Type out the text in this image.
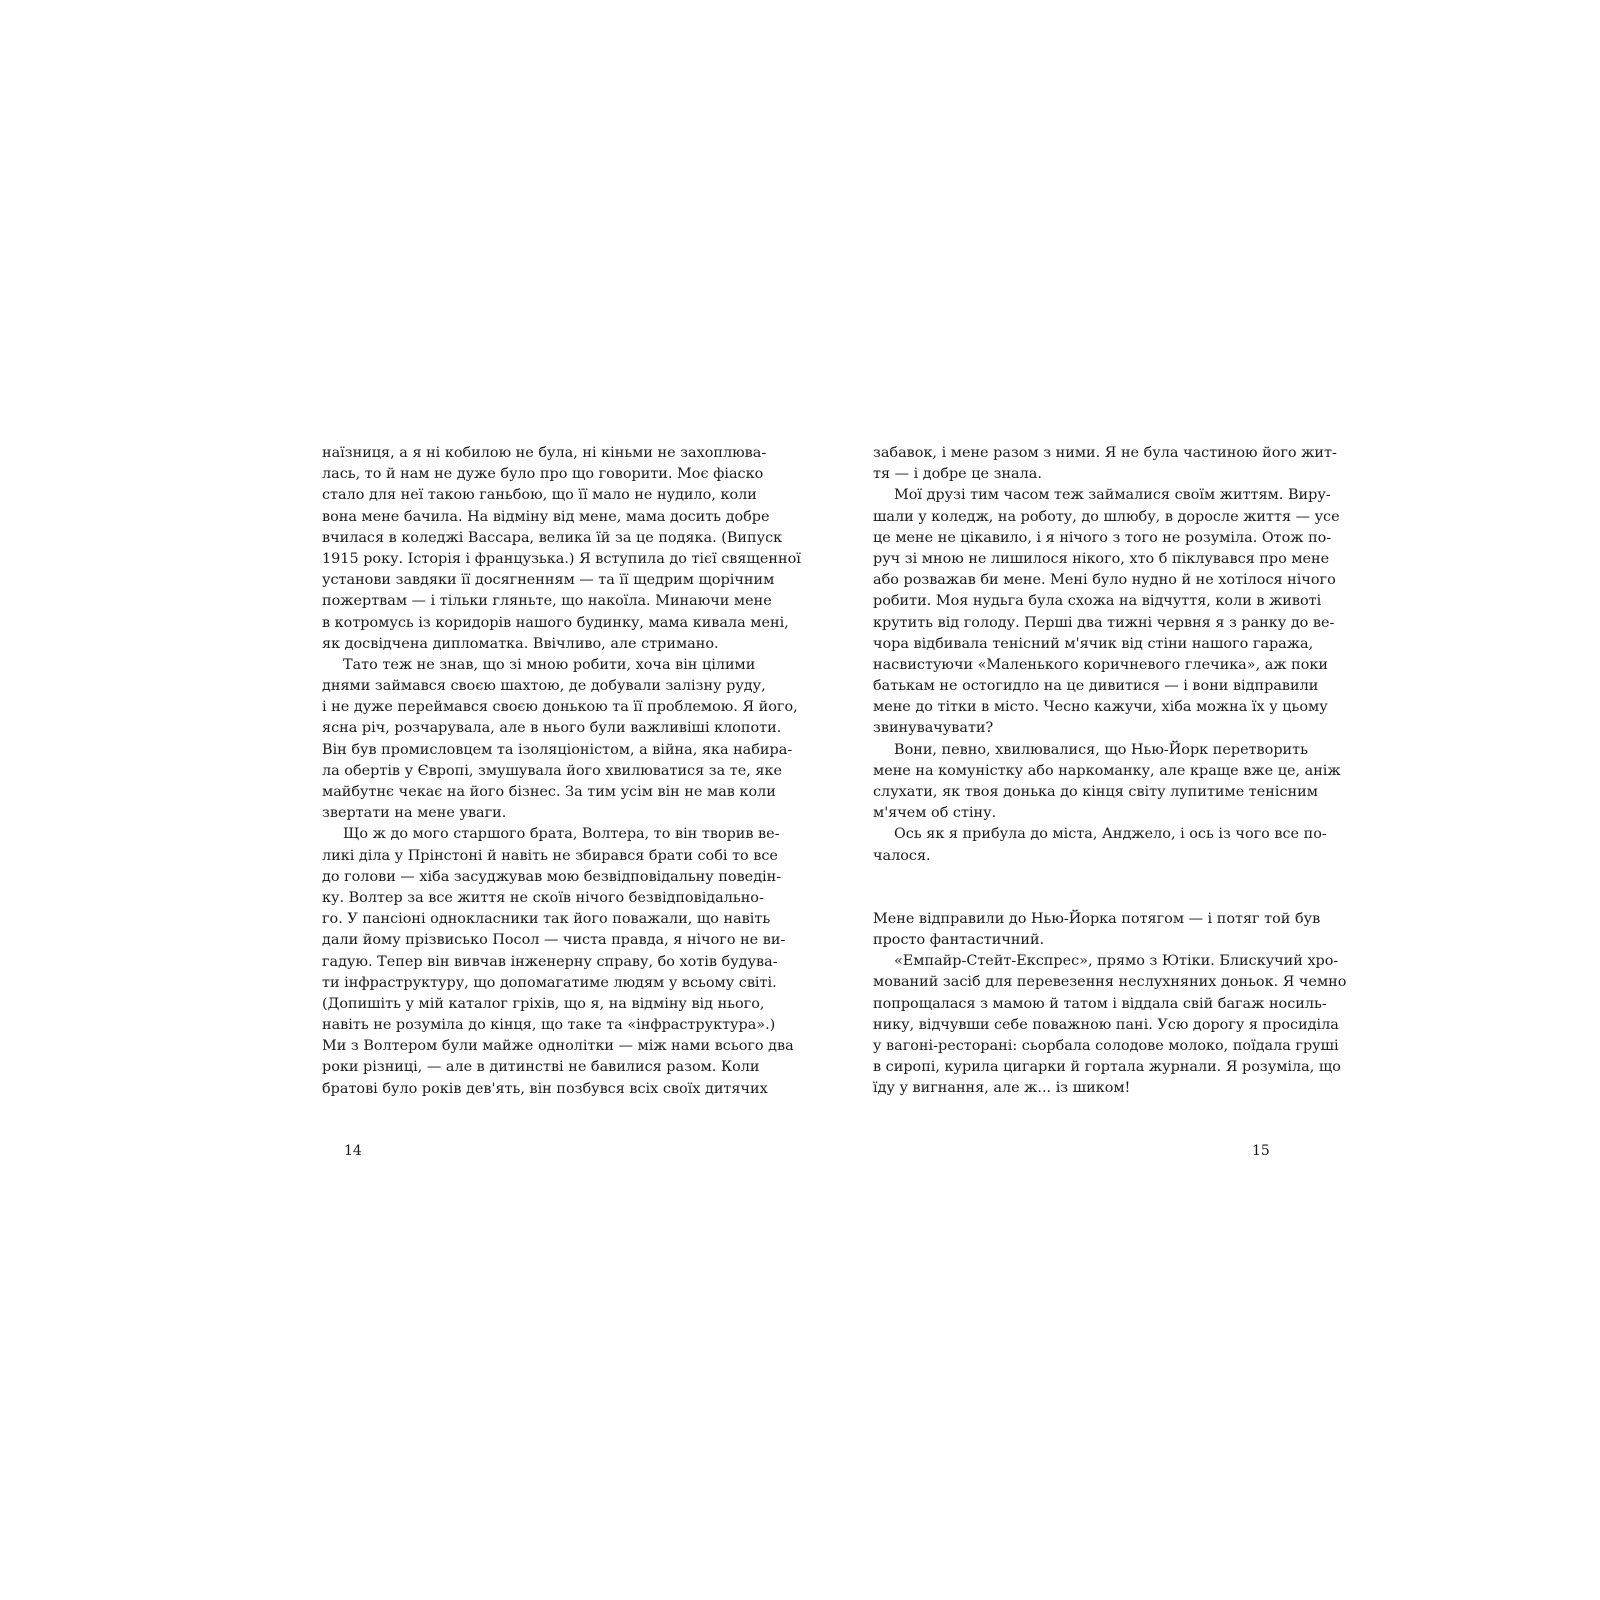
наїзниця, а я ні кобилою не була, ні кіньми не захоплюва-
лась, то й нам не дуже було про що говорити. Моє фіаско
стало для неї такою ганьбою, що її мало не нудило, коли
вона мене бачила. На відміну від мене, мама досить добре
вчилася в коледжі Вассара, велика їй за це подяка. (Випуск
1915 року. Історія і французька.) Я вступила до тієї священної
установи завдяки її досягненням — та її щедрим щорічним
пожертвам — і тільки гляньте, що накоїла. Минаючи мене
в котромусь із коридорів нашого будинку, мама кивала мені,
як досвідчена дипломатка. Ввічливо, але стримано.
Тато теж не знав, що зі мною робити, хоча він цілими
днями займався своєю шахтою, де добували залізну руду,
і не дуже переймався своєю донькою та її проблемою. Я його,
ясна річ, розчарувала, але в нього були важливіші клопоти.
Він був промисловцем та ізоляціоністом, а війна, яка набира-
ла обертів у Європі, змушувала його хвилюватися за те, яке
майбутнє чекає на його бізнес. За тим усім він не мав коли
звертати на мене уваги.
Що ж до мого старшого брата, Волтера, то він творив ве-
ликі діла у Прінстоні й навіть не збирався брати собі то все
до голови — хіба засуджував мою безвідповідальну поведін-
ку. Волтер за все життя не скоїв нічого безвідповідально-
го. У пансіоні однокласники так його поважали, що навіть
дали йому прізвисько Посол — чиста правда, я нічого не ви-
гадую. Тепер він вивчав інженерну справу, бо хотів будува-
ти інфраструктуру, що допомагатиме людям у всьому світі.
(Допишіть у мій каталог гріхів, що я, на відміну від нього,
навіть не розуміла до кінця, що таке та «інфраструктура».)
Ми з Волтером були майже однолітки — між нами всього два
роки різниці, — але в дитинстві не бавилися разом. Коли
братові було років дев'ять, він позбувся всіх своїх дитячих
забавок, і мене разом з ними. Я не була частиною його жит-
тя — і добре це знала.
Мої друзі тим часом теж займалися своїм життям. Виру-
шали у коледж, на роботу, до шлюбу, в доросле життя — усе
це мене не цікавило, і я нічого з того не розуміла. Отож по-
руч зі мною не лишилося нікого, хто б піклувався про мене
або розважав би мене. Мені було нудно й не хотілося нічого
робити. Моя нудьга була схожа на відчуття, коли в животі
крутить від голоду. Перші два тижні червня я з ранку до ве-
чора відбивала тенісний м'ячик від стіни нашого гаража,
насвистуючи «Маленького коричневого глечика», аж поки
батькам не остогидло на це дивитися — і вони відправили
мене до тітки в місто. Чесно кажучи, хіба можна їх у цьому
звинувачувати?
Вони, певно, хвилювалися, що Нью-Йорк перетворить
мене на комуністку або наркоманку, але краще вже це, аніж
слухати, як твоя донька до кінця світу лупитиме тенісним
м'ячем об стіну.
Ось як я прибула до міста, Анджело, і ось із чого все по-
чалося.
Мене відправили до Нью-Йорка потягом — і потяг той був
просто фантастичний.
«Емпайр-Стейт-Експрес», прямо з Ютіки. Блискучий хро-
мований засіб для перевезення неслухняних доньок. Я чемно
попрощалася з мамою й татом і віддала свій багаж носиль-
нику, відчувши себе поважною пані. Усю дорогу я просиділа
у вагоні-ресторані: сьорбала солодове молоко, поїдала груші
в сиропі, курила цигарки й гортала журнали. Я розуміла, що
їду у вигнання, але ж... із шиком!
14	15
